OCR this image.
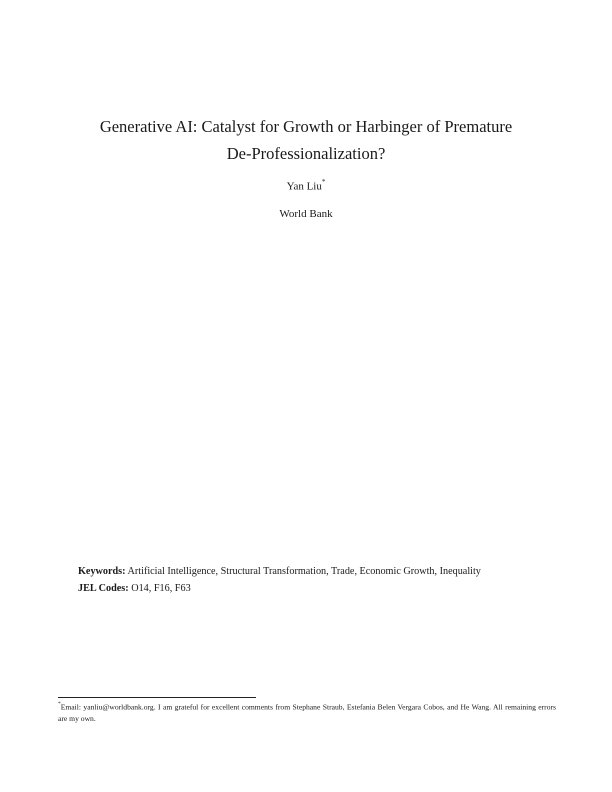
Generative AI: Catalyst for Growth or Harbinger of Premature
De-Professionalization?
Yan Liu*
World Bank
Keywords: Artificial Intelligence, Structural Transformation, Trade, Economic Growth, Inequality
JEL Codes: O14, F16, F63
*Email: yanliu@worldbank.org. I am grateful for excellent comments from Stephane Straub, Estefania Belen Vergara Cobos, and He Wang. All remaining errors are my own.
